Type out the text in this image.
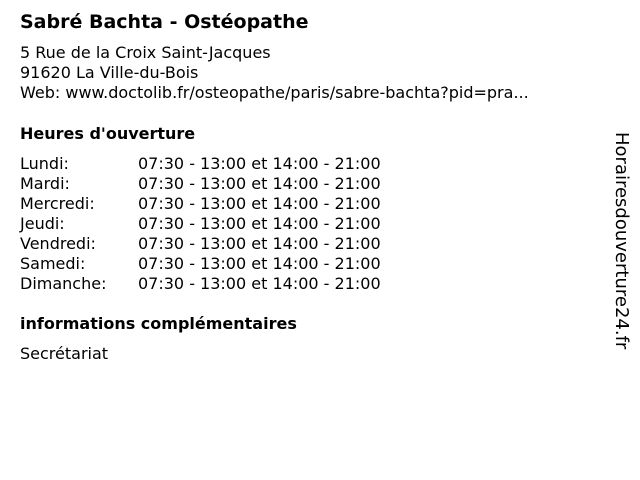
Sabré Bachta - Ostéopathe
5 Rue de la Croix Saint-Jacques
91620 La Ville-du-Bois
Web: www.doctolib.fr/osteopathe/paris/sabre-bachta?pid=pra...
Heures d'ouverture
Lundi:	07:30 - 13:00 et 14:00 - 21:00
Mardi:	07:30 - 13:00 et 14:00 - 21:00
Mercredi:	07:30 - 13:00 et 14:00 - 21:00
Jeudi:	07:30 - 13:00 et 14:00 - 21:00
Vendredi:	07:30 - 13:00 et 14:00 - 21:00
Samedi:	07:30 - 13:00 et 14:00 - 21:00
Dimanche: 07:30 - 13:00 et 14:00 - 21:00
informations complémentaires
Secrétariat
Horairesdouverture24.fr
